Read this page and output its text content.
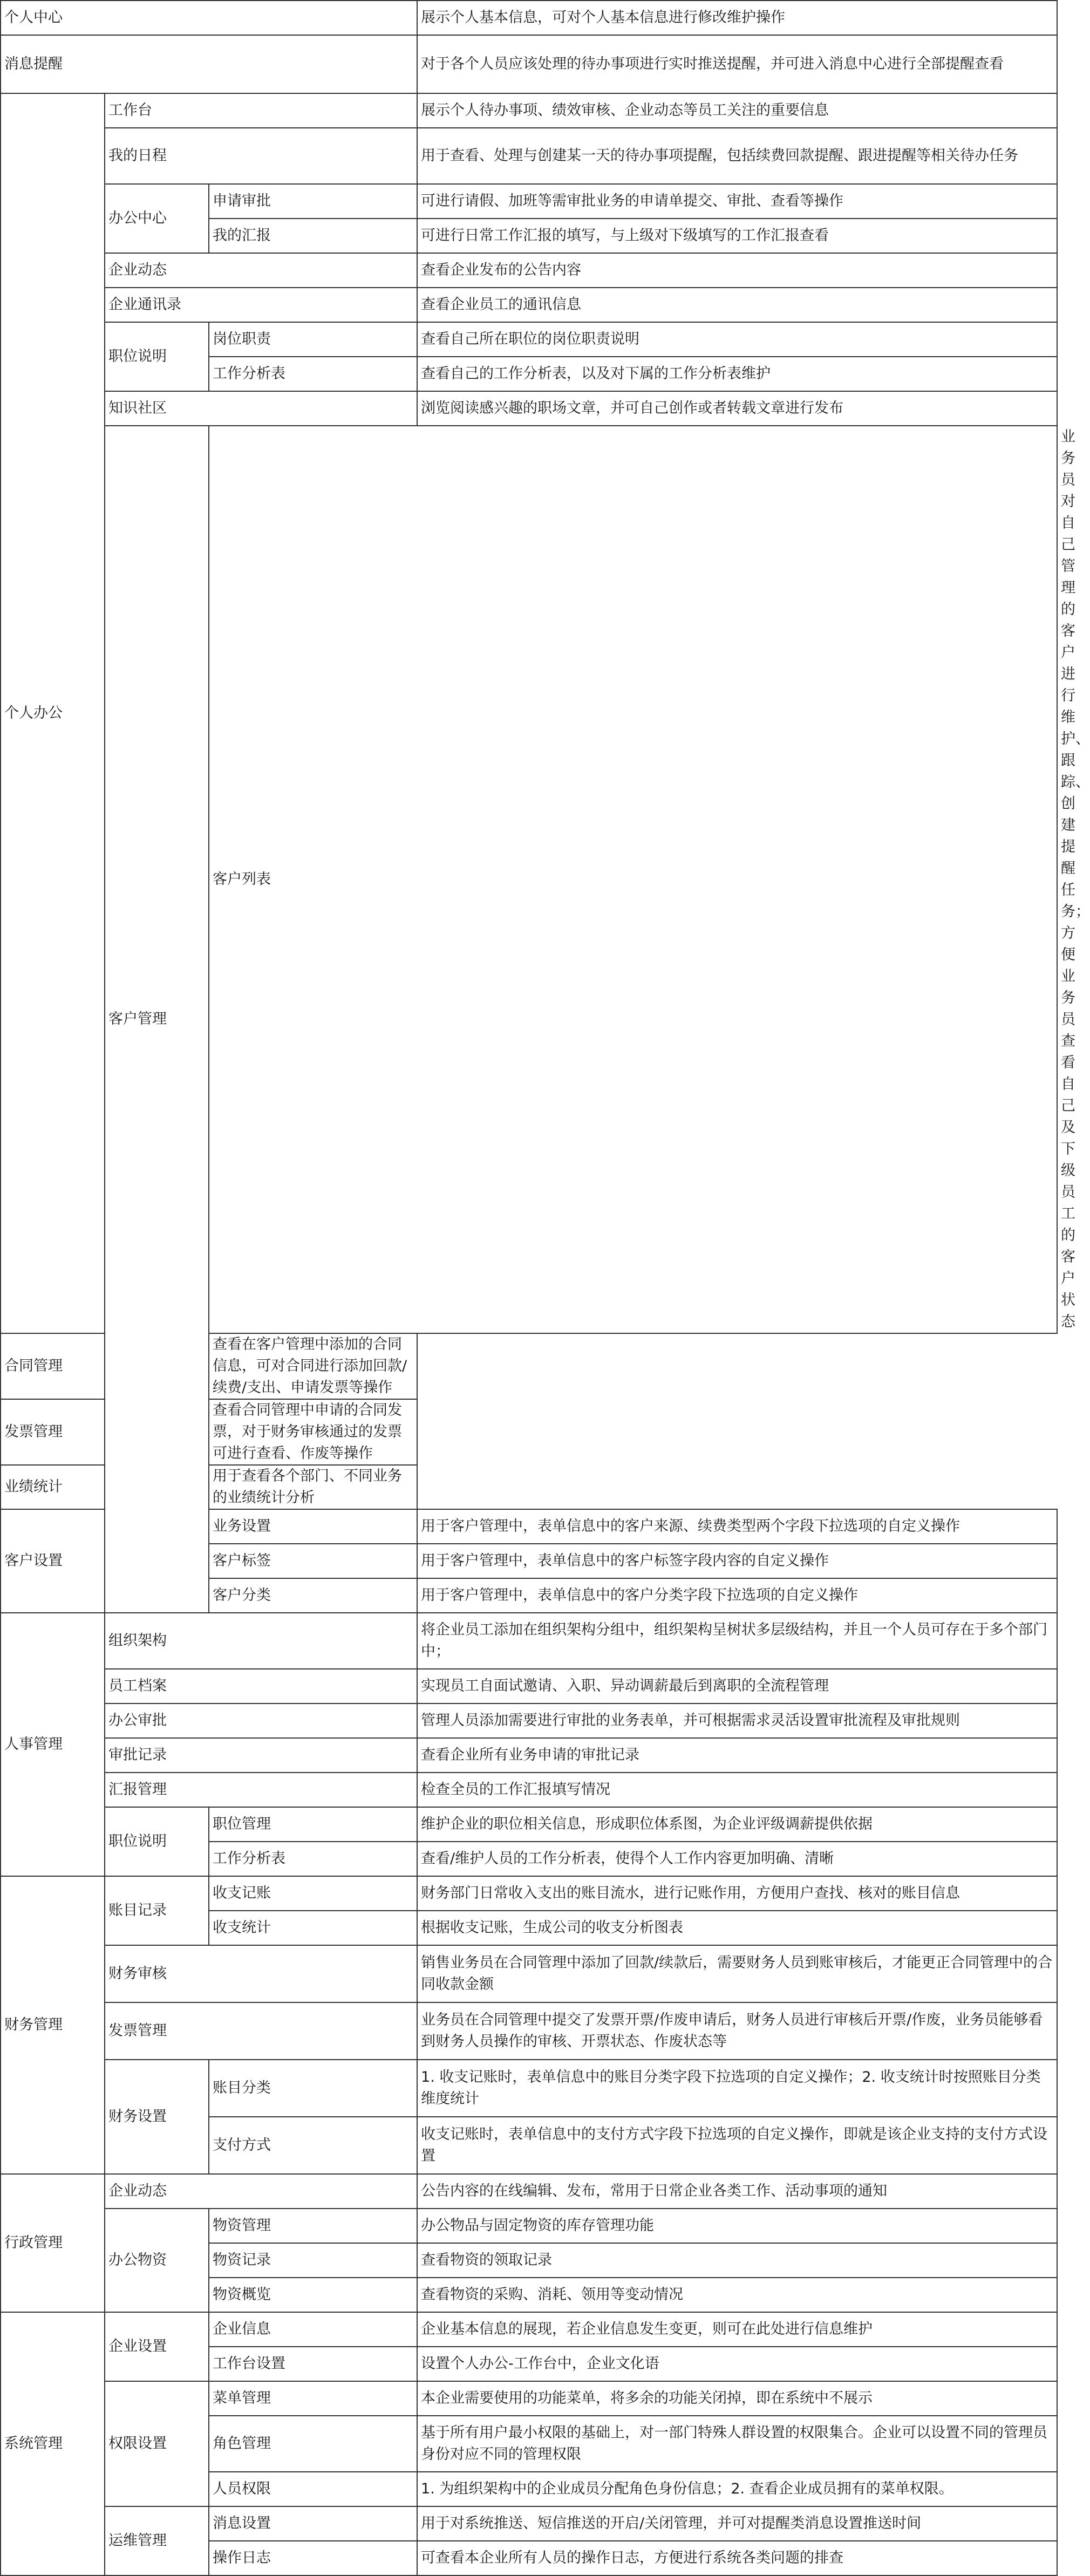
个人中心			展示个人基本信息，可对个人基本信息进行修改维护操作	
消息提醒			对于各个人员应该处理的待办事项进行实时推送提醒，并可进入消息中心进行全部提醒查看	
个人办公	工作台		展示个人待办事项、绩效审核、企业动态等员工关注的重要信息	
	我的日程		用于查看、处理与创建某一天的待办事项提醒，包括续费回款提醒、跟进提醒等相关待办任务	
	办公中心	申请审批	可进行请假、加班等需审批业务的申请单提交、审批、查看等操作	
		我的汇报	可进行日常工作汇报的填写，与上级对下级填写的工作汇报查看	
	企业动态		查看企业发布的公告内容	
	企业通讯录		查看企业员工的通讯信息	
	职位说明	岗位职责	查看自己所在职位的岗位职责说明	
		工作分析表	查看自己的工作分析表，以及对下属的工作分析表维护	
	知识社区		浏览阅读感兴趣的职场文章，并可自己创作或者转载文章进行发布	
	客户管理	客户列表		业务员对自己管理的客户进行维护、跟踪、创建提醒任务；方便业务员查看自己及下级员工的客户状态
合同管理		查看在客户管理中添加的合同信息，可对合同进行添加回款/续费/支出、申请发票等操作		
发票管理		查看合同管理中申请的合同发票，对于财务审核通过的发票可进行查看、作废等操作		
业绩统计		用于查看各个部门、不同业务的业绩统计分析		
客户设置		业务设置	用于客户管理中，表单信息中的客户来源、续费类型两个字段下拉选项的自定义操作	
		客户标签	用于客户管理中，表单信息中的客户标签字段内容的自定义操作	
		客户分类	用于客户管理中，表单信息中的客户分类字段下拉选项的自定义操作	
人事管理	组织架构		将企业员工添加在组织架构分组中，组织架构呈树状多层级结构，并且一个人员可存在于多个部门中；	
	员工档案		实现员工自面试邀请、入职、异动调薪最后到离职的全流程管理	
	办公审批		管理人员添加需要进行审批的业务表单，并可根据需求灵活设置审批流程及审批规则	
	审批记录		查看企业所有业务申请的审批记录	
	汇报管理		检查全员的工作汇报填写情况	
	职位说明	职位管理	维护企业的职位相关信息，形成职位体系图，为企业评级调薪提供依据	
		工作分析表	查看/维护人员的工作分析表，使得个人工作内容更加明确、清晰	
财务管理	账目记录	收支记账	财务部门日常收入支出的账目流水，进行记账作用，方便用户查找、核对的账目信息	
		收支统计	根据收支记账，生成公司的收支分析图表	
	财务审核		销售业务员在合同管理中添加了回款/续款后，需要财务人员到账审核后，才能更正合同管理中的合同收款金额	
	发票管理		业务员在合同管理中提交了发票开票/作废申请后，财务人员进行审核后开票/作废，业务员能够看到财务人员操作的审核、开票状态、作废状态等	
	财务设置	账目分类	1. 收支记账时，表单信息中的账目分类字段下拉选项的自定义操作；2. 收支统计时按照账目分类维度统计	
		支付方式	收支记账时，表单信息中的支付方式字段下拉选项的自定义操作，即就是该企业支持的支付方式设置	
行政管理	企业动态		公告内容的在线编辑、发布，常用于日常企业各类工作、活动事项的通知	
	办公物资	物资管理	办公物品与固定物资的库存管理功能	
		物资记录	查看物资的领取记录	
		物资概览	查看物资的采购、消耗、领用等变动情况	
系统管理	企业设置	企业信息	企业基本信息的展现，若企业信息发生变更，则可在此处进行信息维护	
		工作台设置	设置个人办公-工作台中，企业文化语	
	权限设置	菜单管理	本企业需要使用的功能菜单，将多余的功能关闭掉，即在系统中不展示	
		角色管理	基于所有用户最小权限的基础上，对一部门特殊人群设置的权限集合。企业可以设置不同的管理员身份对应不同的管理权限	
		人员权限	1. 为组织架构中的企业成员分配角色身份信息；2. 查看企业成员拥有的菜单权限。	
	运维管理	消息设置	用于对系统推送、短信推送的开启/关闭管理，并可对提醒类消息设置推送时间	
		操作日志	可查看本企业所有人员的操作日志，方便进行系统各类问题的排查	
